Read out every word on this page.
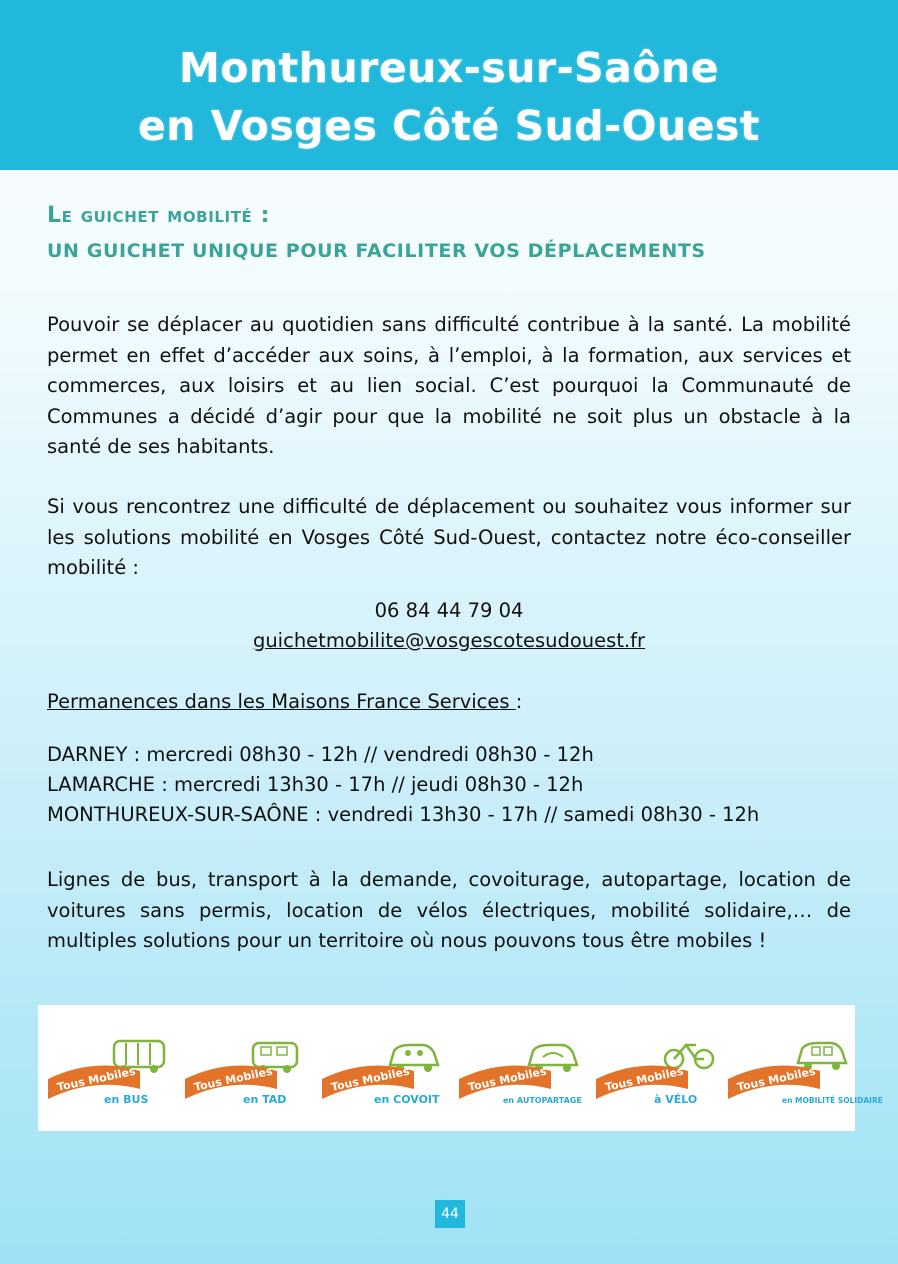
Monthureux-sur-Saône
en Vosges Côté Sud-Ouest
Le guichet mobilité :
UN GUICHET UNIQUE POUR FACILITER VOS DÉPLACEMENTS

Pouvoir se déplacer au quotidien sans difficulté contribue à la santé. La mobilité permet en effet d’accéder aux soins, à l’emploi, à la formation, aux services et commerces, aux loisirs et au lien social. C’est pourquoi la Communauté de Communes a décidé d’agir pour que la mobilité ne soit plus un obstacle à la santé de ses habitants.

Si vous rencontrez une difficulté de déplacement ou souhaitez vous informer sur les solutions mobilité en Vosges Côté Sud-Ouest, contactez notre éco-conseiller mobilité :

06 84 44 79 04
guichetmobilite@vosgescotesudouest.fr
Permanences dans les Maisons France Services :
DARNEY : mercredi 08h30 - 12h // vendredi 08h30 - 12h
LAMARCHE : mercredi 13h30 - 17h // jeudi 08h30 - 12h
MONTHUREUX-SUR-SAÔNE : vendredi 13h30 - 17h // samedi 08h30 - 12h

Lignes de bus, transport à la demande, covoiturage, autopartage, location de voitures sans permis, location de vélos électriques, mobilité solidaire,… de multiples solutions pour un territoire où nous pouvons tous être mobiles !

Tous Mobiles
en BUS
Tous Mobiles
en TAD
Tous Mobiles
en COVOIT
Tous Mobiles
en AUTOPARTAGE
Tous Mobiles
à VÉLO
Tous Mobiles
en MOBILITÉ SOLIDAIRE
44
